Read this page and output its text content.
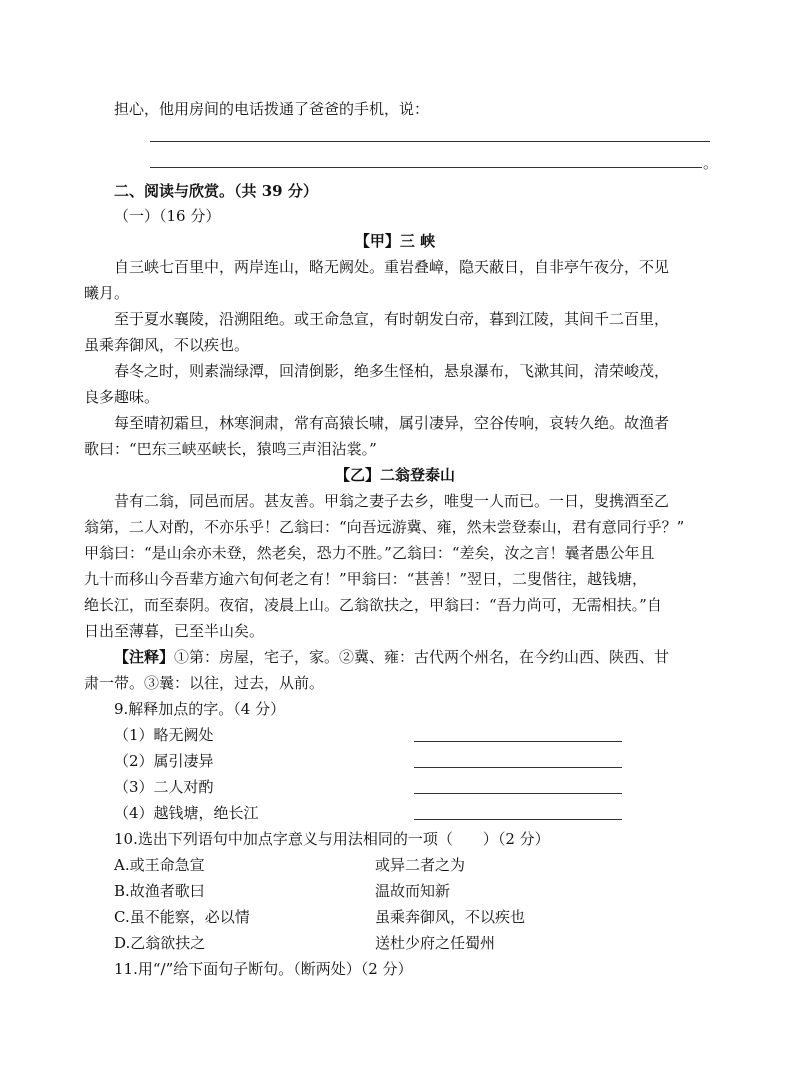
担心，他用房间的电话拨通了爸爸的手机，说：
。
二、阅读与欣赏。（共 39 分）
（一）（16 分）
【甲】三 峡
自三峡七百里中，两岸连山，略无阙处。重岩叠嶂，隐天蔽日，自非亭午夜分，不见
曦月。
至于夏水襄陵，沿溯阻绝。或王命急宣，有时朝发白帝，暮到江陵，其间千二百里，
虽乘奔御风，不以疾也。
春冬之时，则素湍绿潭，回清倒影，绝多生怪柏，悬泉瀑布，飞漱其间，清荣峻茂，
良多趣味。
每至晴初霜旦，林寒涧肃，常有高猿长啸，属引凄异，空谷传响，哀转久绝。故渔者
歌曰：“巴东三峡巫峡长，猿鸣三声泪沾裳。”
【乙】二翁登泰山
昔有二翁，同邑而居。甚友善。甲翁之妻子去乡，唯叟一人而已。一日，叟携酒至乙
翁第，二人对酌，不亦乐乎！乙翁曰：“向吾远游冀、雍，然未尝登泰山，君有意同行乎？”
甲翁曰：“是山余亦未登，然老矣，恐力不胜。”乙翁曰：“差矣，汝之言！曩者愚公年且
九十而移山今吾辈方逾六旬何老之有！”甲翁曰：“甚善！”翌日，二叟偕往，越钱塘，
绝长江，而至泰阴。夜宿，凌晨上山。乙翁欲扶之，甲翁曰：“吾力尚可，无需相扶。”自
日出至薄暮，已至半山矣。
【注释】①第：房屋，宅子，家。②冀、雍：古代两个州名，在今约山西、陕西、甘
肃一带。③曩：以往，过去，从前。
9.解释加点的字。（4 分）
（1）略无阙处
（2）属引凄异
（3）二人对酌
（4）越钱塘，绝长江
10.选出下列语句中加点字意义与用法相同的一项（　　）（2 分）
A.或王命急宣	或异二者之为
B.故渔者歌曰	温故而知新
C.虽不能察，必以情	虽乘奔御风，不以疾也
D.乙翁欲扶之	送杜少府之任蜀州
11.用“/”给下面句子断句。（断两处）（2 分）
